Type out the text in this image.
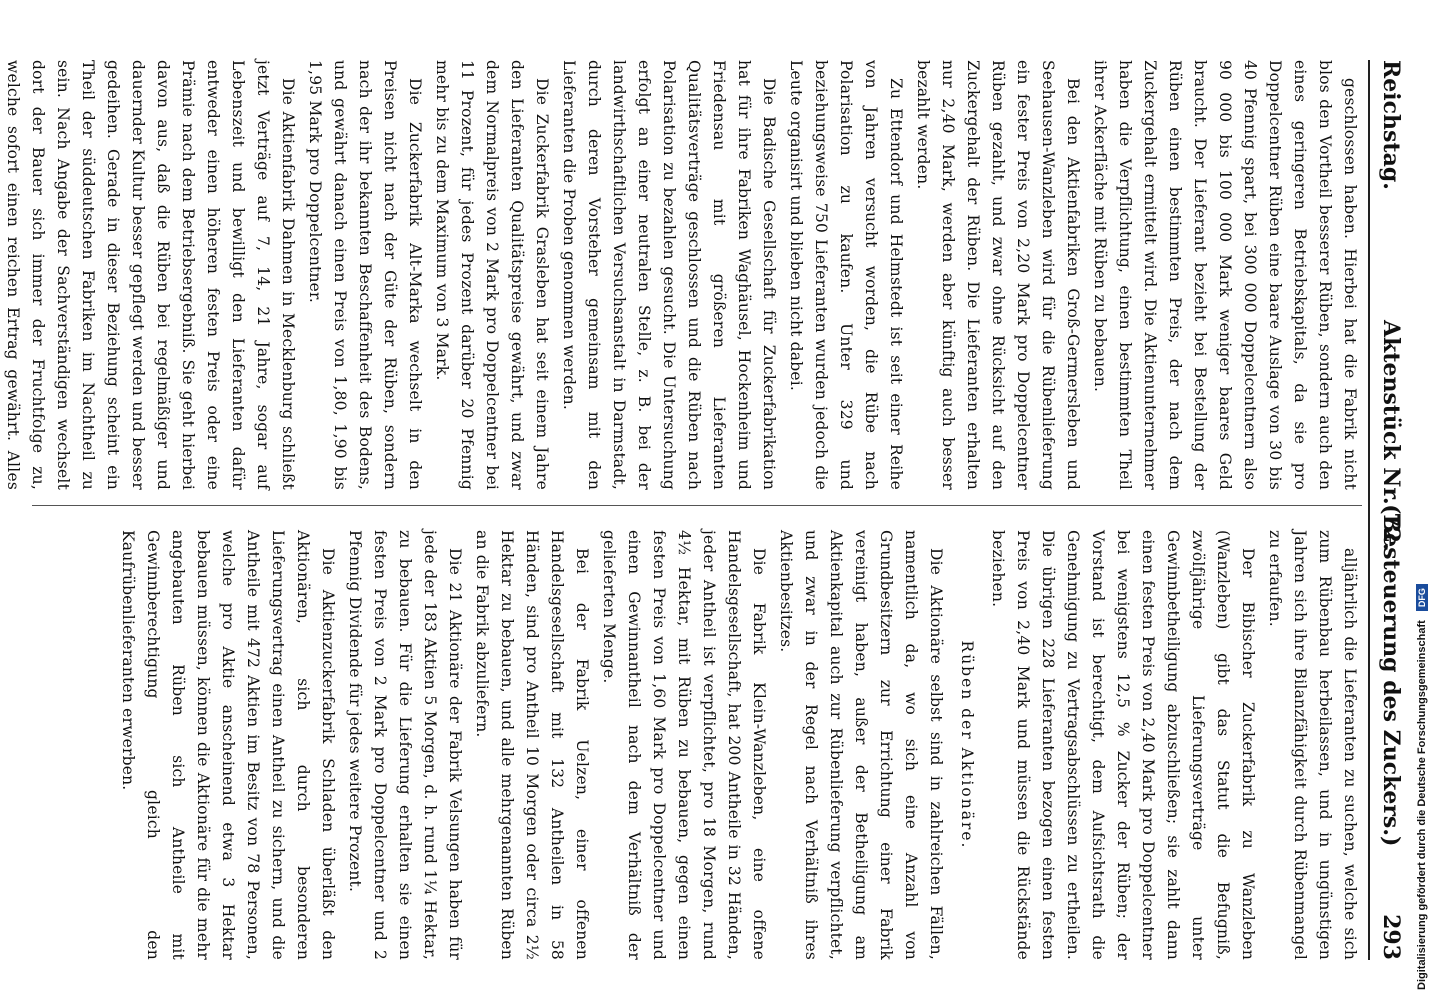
Reichstag.
Aktenstück Nr. 72.
(Besteuerung des Zuckers.) 293

geschlossen haben. Hierbei hat die Fabrik nicht blos den Vortheil besserer Rüben, sondern auch den eines geringeren Betriebskapitals, da sie pro Doppelcentner Rüben eine baare Auslage von 30 bis 40 Pfennig spart, bei 300 000 Doppelcentnern also 90 000 bis 100 000 Mark weniger baares Geld braucht. Der Lieferant bezieht bei Bestellung der Rüben einen bestimmten Preis, der nach dem Zuckergehalt ermittelt wird. Die Aktienunternehmer haben die Verpflichtung, einen bestimmten Theil ihrer Ackerfläche mit Rüben zu bebauen.

Bei den Aktienfabriken Groß-Germersleben und Seehausen-Wanzleben wird für die Rübenlieferung ein fester Preis von 2,20 Mark pro Doppelcentner Rüben gezahlt, und zwar ohne Rücksicht auf den Zuckergehalt der Rüben. Die Lieferanten erhalten nur 2,40 Mark, werden aber künftig auch besser bezahlt werden.

Zu Ettendorf und Helmstedt ist seit einer Reihe von Jahren versucht worden, die Rübe nach Polarisation zu kaufen. Unter 329 und beziehungsweise 750 Lieferanten wurden jedoch die Leute organisirt und blieben nicht dabei.

Die Badische Gesellschaft für Zuckerfabrikation hat für ihre Fabriken Waghäusel, Hockenheim und Friedensau mit größeren Lieferanten Qualitätsverträge geschlossen und die Rüben nach Polarisation zu bezahlen gesucht. Die Untersuchung erfolgt an einer neutralen Stelle, z. B. bei der landwirthschaftlichen Versuchsanstalt in Darmstadt, durch deren Vorsteher gemeinsam mit den Lieferanten die Proben genommen werden.

Die Zuckerfabrik Grasleben hat seit einem Jahre den Lieferanten Qualitätspreise gewährt, und zwar dem Normalpreis von 2 Mark pro Doppelcentner bei 11 Prozent, für jedes Prozent darüber 20 Pfennig mehr bis zu dem Maximum von 3 Mark.

Die Zuckerfabrik Alt-Marka wechselt in den Preisen nicht nach der Güte der Rüben, sondern nach der ihr bekannten Beschaffenheit des Bodens, und gewährt danach einen Preis von 1,80, 1,90 bis 1,95 Mark pro Doppelcentner.

Die Aktienfabrik Dahmen in Mecklenburg schließt jetzt Verträge auf 7, 14, 21 Jahre, sogar auf Lebenszeit und bewilligt den Lieferanten dafür entweder einen höheren festen Preis oder eine Prämie nach dem Betriebsergebniß. Sie geht hierbei davon aus, daß die Rüben bei regelmäßiger und dauernder Kultur besser gepflegt werden und besser gedeihen. Gerade in dieser Beziehung scheint ein Theil der süddeutschen Fabriken im Nachtheil zu sein. Nach Angabe der Sachverständigen wechselt dort der Bauer sich immer der Fruchtfolge zu, welche sofort einen reichen Ertrag gewährt. Alles

alljährlich die Lieferanten zu suchen, welche sich zum Rübenbau herbeilassen, und in ungünstigen Jahren sich ihre Bilanzfähigkeit durch Rübenmangel zu erfaufen.

Der Bibischer Zuckerfabrik zu Wanzleben (Wanzleben) gibt das Statut die Befugniß, zwölfjährige Lieferungsverträge unter Gewinnbetheiligung abzuschließen; sie zahlt dann einen festen Preis von 2,40 Mark pro Doppelcentner bei wenigstens 12,5 % Zucker der Rüben; der Vorstand ist berechtigt, dem Aufsichtsrath die Genehmigung zu Vertragsabschlüssen zu ertheilen. Die übrigen 228 Lieferanten bezogen einen festen Preis von 2,40 Mark und müssen die Rückstände beziehen.

Rüben der Aktionäre.

Die Aktionäre selbst sind in zahlreichen Fällen, namentlich da, wo sich eine Anzahl von Grundbesitzern zur Errichtung einer Fabrik vereinigt haben, außer der Betheiligung am Aktienkapital auch zur Rübenlieferung verpflichtet, und zwar in der Regel nach Verhältniß ihres Aktienbesitzes.

Die Fabrik Klein-Wanzleben, eine offene Handelsgesellschaft, hat 200 Antheile in 32 Händen, jeder Antheil ist verpflichtet, pro 18 Morgen, rund 4½ Hektar, mit Rüben zu bebauen, gegen einen festen Preis von 1,60 Mark pro Doppelcentner und einen Gewinnantheil nach dem Verhältniß der gelieferten Menge.

Bei der Fabrik Uelzen, einer offenen Handelsgesellschaft mit 132 Antheilen in 58 Händen, sind pro Antheil 10 Morgen oder circa 2½ Hektar zu bebauen, und alle mehrgenannten Rüben an die Fabrik abzuliefern.

Die 21 Aktionäre der Fabrik Velsungen haben für jede der 183 Aktien 5 Morgen, d. h. rund 1¼ Hektar, zu bebauen. Für die Lieferung erhalten sie einen festen Preis von 2 Mark pro Doppelcentner und 2 Pfennig Dividende für jedes weitere Prozent.

Die Aktienzuckerfabrik Schladen überläßt den Aktionären, sich durch besonderen Lieferungsvertrag einen Antheil zu sichern, und die Antheile mit 472 Aktien im Besitz von 78 Personen, welche pro Aktie anscheinend etwa 3 Hektar bebauen müssen, können die Aktionäre für die mehr angebauten Rüben sich Antheile mit Gewinnberechtigung gleich den Kaufrübenlieferanten erwerben.	Digitalisierung gefördert durch die Deutsche Forschungsgemeinschaft DFG
